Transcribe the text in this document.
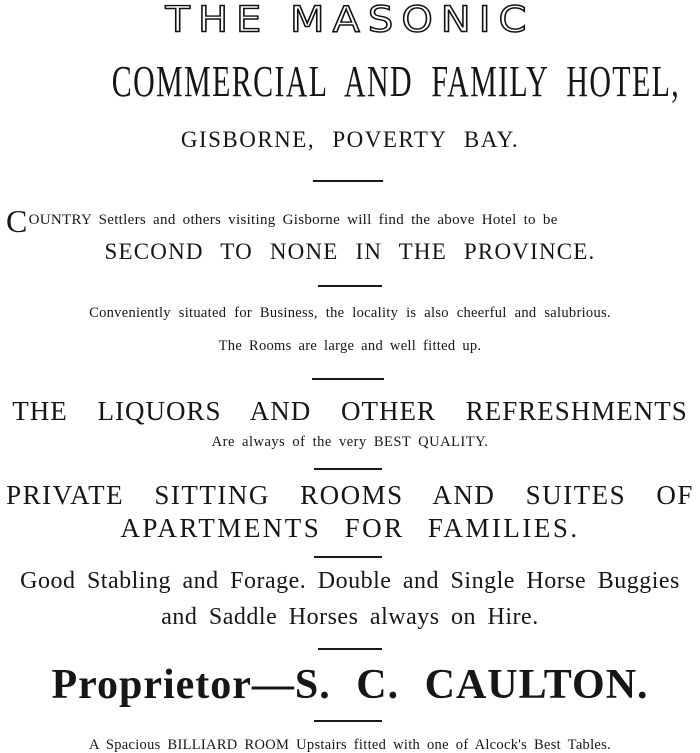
THE MASONIC
COMMERCIAL AND FAMILY HOTEL,
GISBORNE, POVERTY BAY.
COUNTRY Settlers and others visiting Gisborne will find the above Hotel to be
SECOND TO NONE IN THE PROVINCE.
Conveniently situated for Business, the locality is also cheerful and salubrious.
The Rooms are large and well fitted up.
THE LIQUORS AND OTHER REFRESHMENTS
Are always of the very BEST QUALITY.
PRIVATE SITTING ROOMS AND SUITES OF
APARTMENTS FOR FAMILIES.
Good Stabling and Forage. Double and Single Horse Buggies
and Saddle Horses always on Hire.
Proprietor—S. C. CAULTON.
A Spacious BILLIARD ROOM Upstairs fitted with one of Alcock's Best Tables.
